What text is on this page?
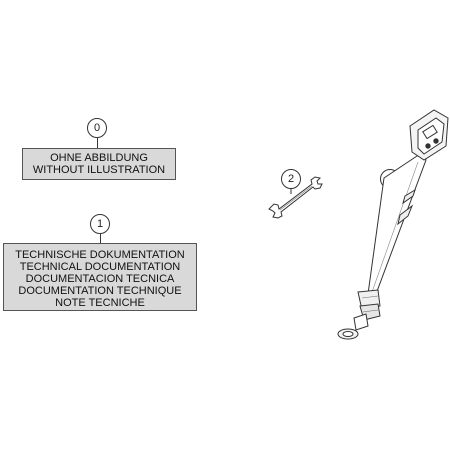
0
OHNE ABBILDUNG
WITHOUT ILLUSTRATION
1
TECHNISCHE DOKUMENTATION
TECHNICAL DOCUMENTATION
DOCUMENTACION TECNICA
DOCUMENTATION TECHNIQUE
NOTE TECNICHE
2
